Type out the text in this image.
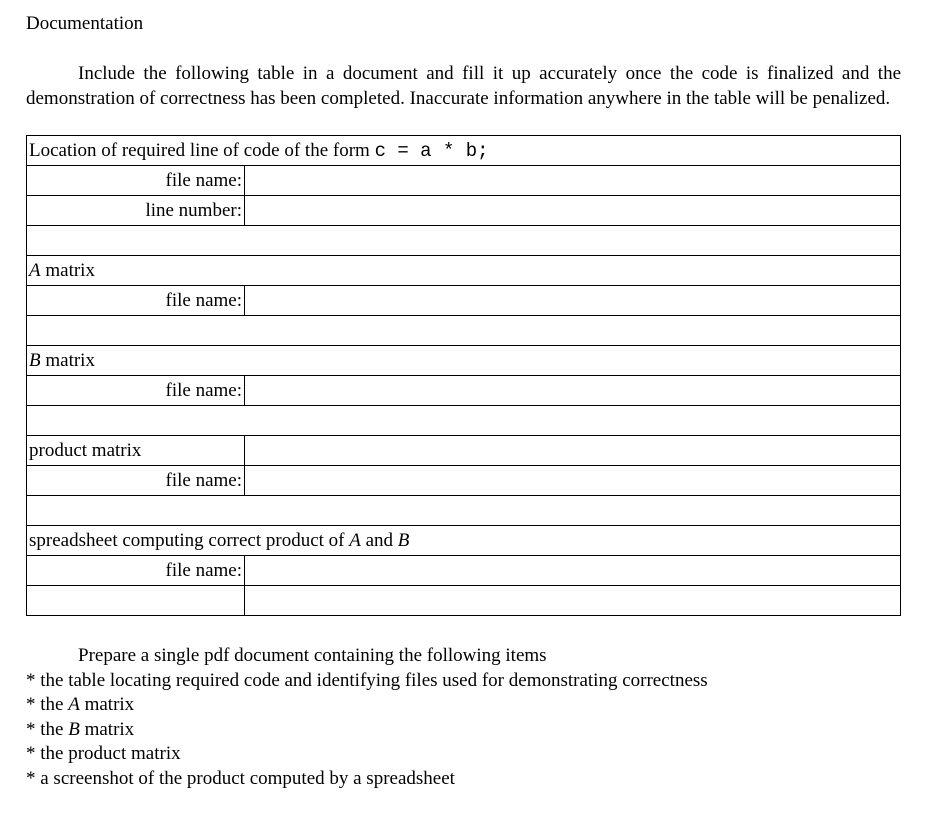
Documentation

Include the following table in a document and fill it up accurately once the code is finalized and the demonstration of correctness has been completed. Inaccurate information anywhere in the table will be penalized.

Location of required line of code of the form c = a * b;	
file name:	
line number:	

A matrix	
file name:	

B matrix	
file name:	

product matrix	
file name:	

spreadsheet computing correct product of A and B	
file name:	

Prepare a single pdf document containing the following items
* the table locating required code and identifying files used for demonstrating correctness
* the A matrix
* the B matrix
* the product matrix
* a screenshot of the product computed by a spreadsheet
